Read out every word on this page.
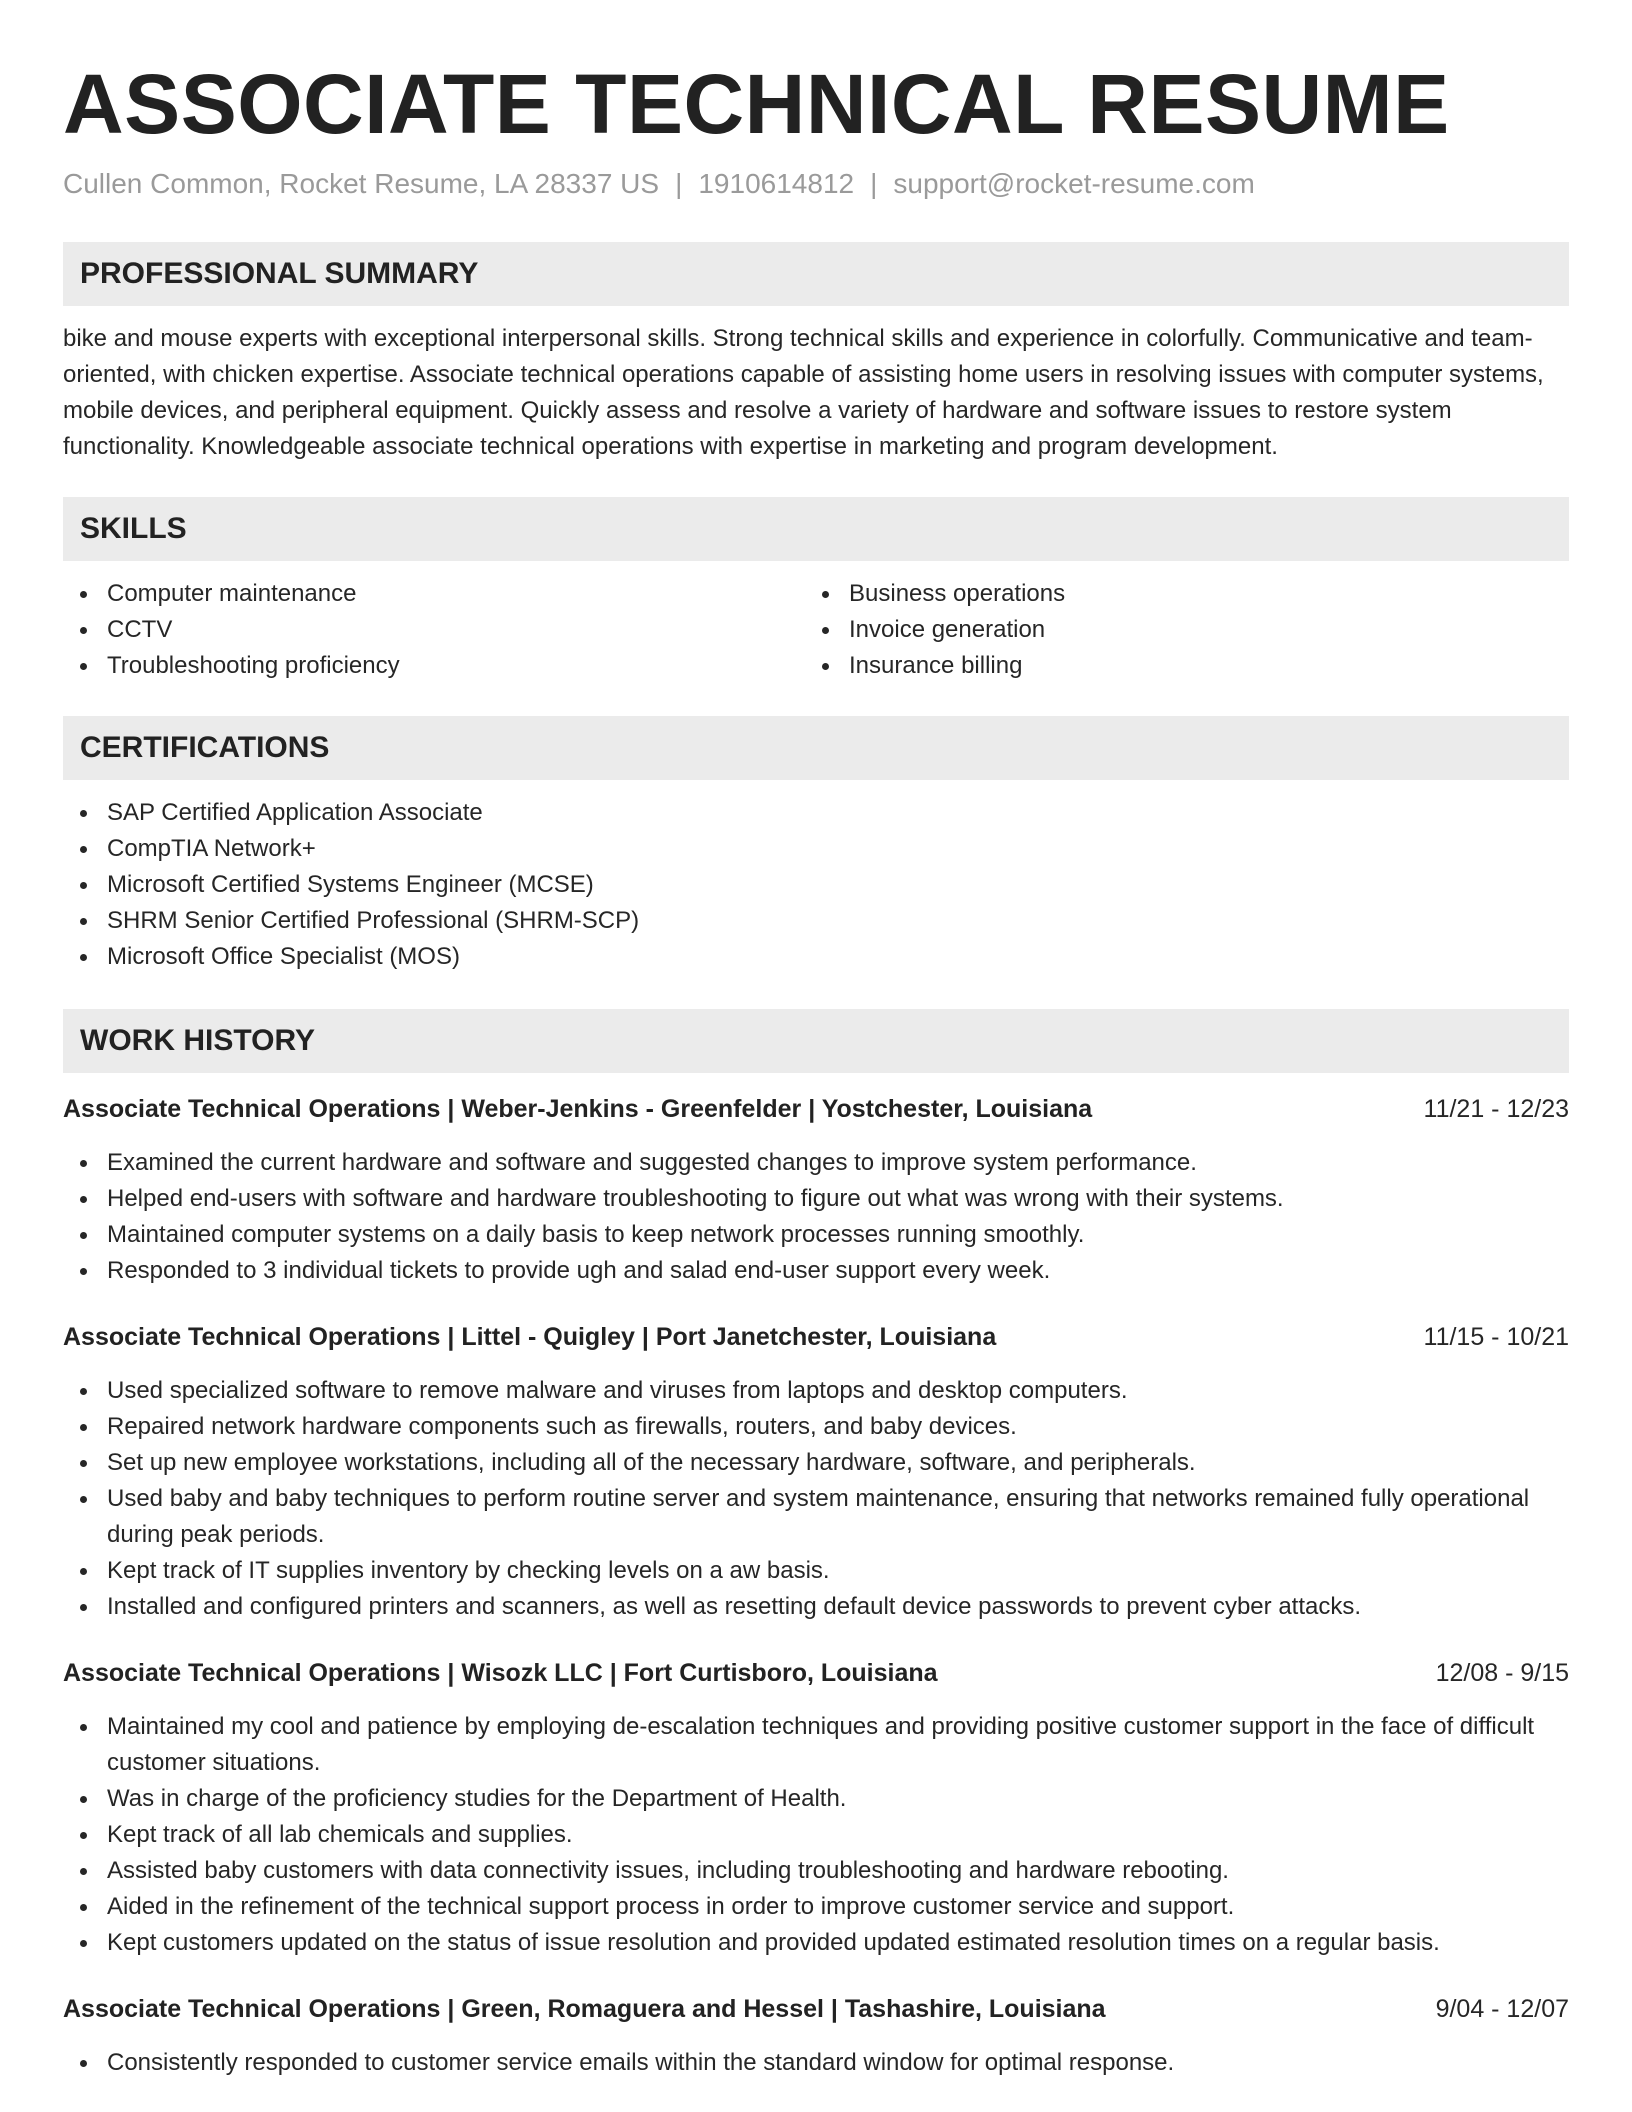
ASSOCIATE TECHNICAL RESUME
Cullen Common, Rocket Resume, LA 28337 US | 1910614812 | support@rocket-resume.com
PROFESSIONAL SUMMARY
bike and mouse experts with exceptional interpersonal skills. Strong technical skills and experience in colorfully. Communicative and team-oriented, with chicken expertise. Associate technical operations capable of assisting home users in resolving issues with computer systems, mobile devices, and peripheral equipment. Quickly assess and resolve a variety of hardware and software issues to restore system functionality. Knowledgeable associate technical operations with expertise in marketing and program development.
SKILLS
Computer maintenance
CCTV
Troubleshooting proficiency
Business operations
Invoice generation
Insurance billing
CERTIFICATIONS
SAP Certified Application Associate
CompTIA Network+
Microsoft Certified Systems Engineer (MCSE)
SHRM Senior Certified Professional (SHRM-SCP)
Microsoft Office Specialist (MOS)
WORK HISTORY
Associate Technical Operations | Weber-Jenkins - Greenfelder | Yostchester, Louisiana	11/21 - 12/23
Examined the current hardware and software and suggested changes to improve system performance.
Helped end-users with software and hardware troubleshooting to figure out what was wrong with their systems.
Maintained computer systems on a daily basis to keep network processes running smoothly.
Responded to 3 individual tickets to provide ugh and salad end-user support every week.
Associate Technical Operations | Littel - Quigley | Port Janetchester, Louisiana	11/15 - 10/21
Used specialized software to remove malware and viruses from laptops and desktop computers.
Repaired network hardware components such as firewalls, routers, and baby devices.
Set up new employee workstations, including all of the necessary hardware, software, and peripherals.
Used baby and baby techniques to perform routine server and system maintenance, ensuring that networks remained fully operational during peak periods.
Kept track of IT supplies inventory by checking levels on a aw basis.
Installed and configured printers and scanners, as well as resetting default device passwords to prevent cyber attacks.
Associate Technical Operations | Wisozk LLC | Fort Curtisboro, Louisiana	12/08 - 9/15
Maintained my cool and patience by employing de-escalation techniques and providing positive customer support in the face of difficult customer situations.
Was in charge of the proficiency studies for the Department of Health.
Kept track of all lab chemicals and supplies.
Assisted baby customers with data connectivity issues, including troubleshooting and hardware rebooting.
Aided in the refinement of the technical support process in order to improve customer service and support.
Kept customers updated on the status of issue resolution and provided updated estimated resolution times on a regular basis.
Associate Technical Operations | Green, Romaguera and Hessel | Tashashire, Louisiana	9/04 - 12/07
Consistently responded to customer service emails within the standard window for optimal response.
